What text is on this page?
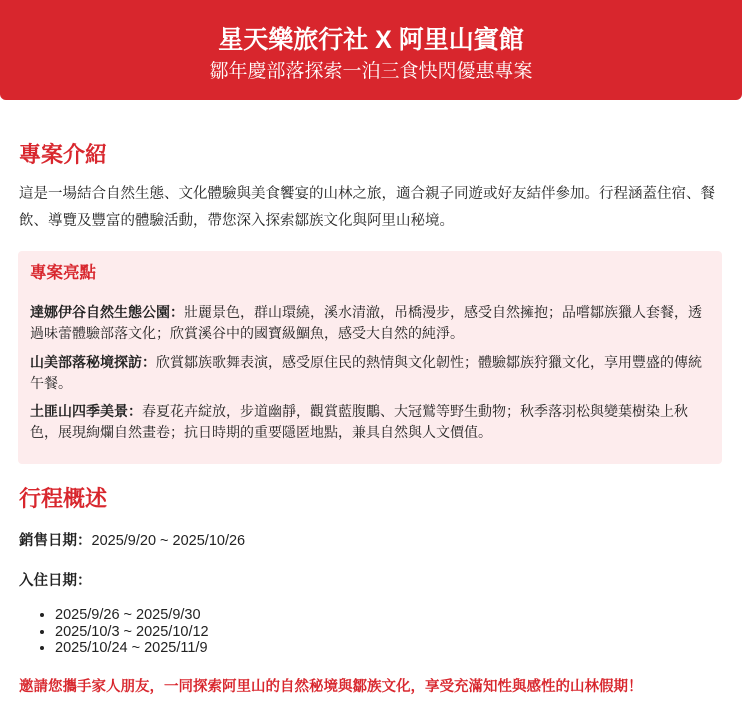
星天樂旅行社 X 阿里山賓館
鄒年慶部落探索一泊三食快閃優惠專案
專案介紹

這是一場結合自然生態、文化體驗與美食饗宴的山林之旅，適合親子同遊或好友結伴參加。行程涵蓋住宿、餐飲、導覽及豐富的體驗活動，帶您深入探索鄒族文化與阿里山秘境。

專案亮點

達娜伊谷自然生態公園：壯麗景色，群山環繞，溪水清澈，吊橋漫步，感受自然擁抱；品嚐鄒族獵人套餐，透過味蕾體驗部落文化；欣賞溪谷中的國寶級鯝魚，感受大自然的純淨。

山美部落秘境探訪：欣賞鄒族歌舞表演，感受原住民的熱情與文化韌性；體驗鄒族狩獵文化，享用豐盛的傳統午餐。

土匪山四季美景：春夏花卉綻放，步道幽靜，觀賞藍腹鷳、大冠鷲等野生動物；秋季落羽松與變葉樹染上秋色，展現絢爛自然畫卷；抗日時期的重要隱匿地點，兼具自然與人文價值。

行程概述

銷售日期：2025/9/20 ~ 2025/10/26

入住日期：

• 2025/9/26 ~ 2025/9/30
• 2025/10/3 ~ 2025/10/12
• 2025/10/24 ~ 2025/11/9

邀請您攜手家人朋友，一同探索阿里山的自然秘境與鄒族文化，享受充滿知性與感性的山林假期！
